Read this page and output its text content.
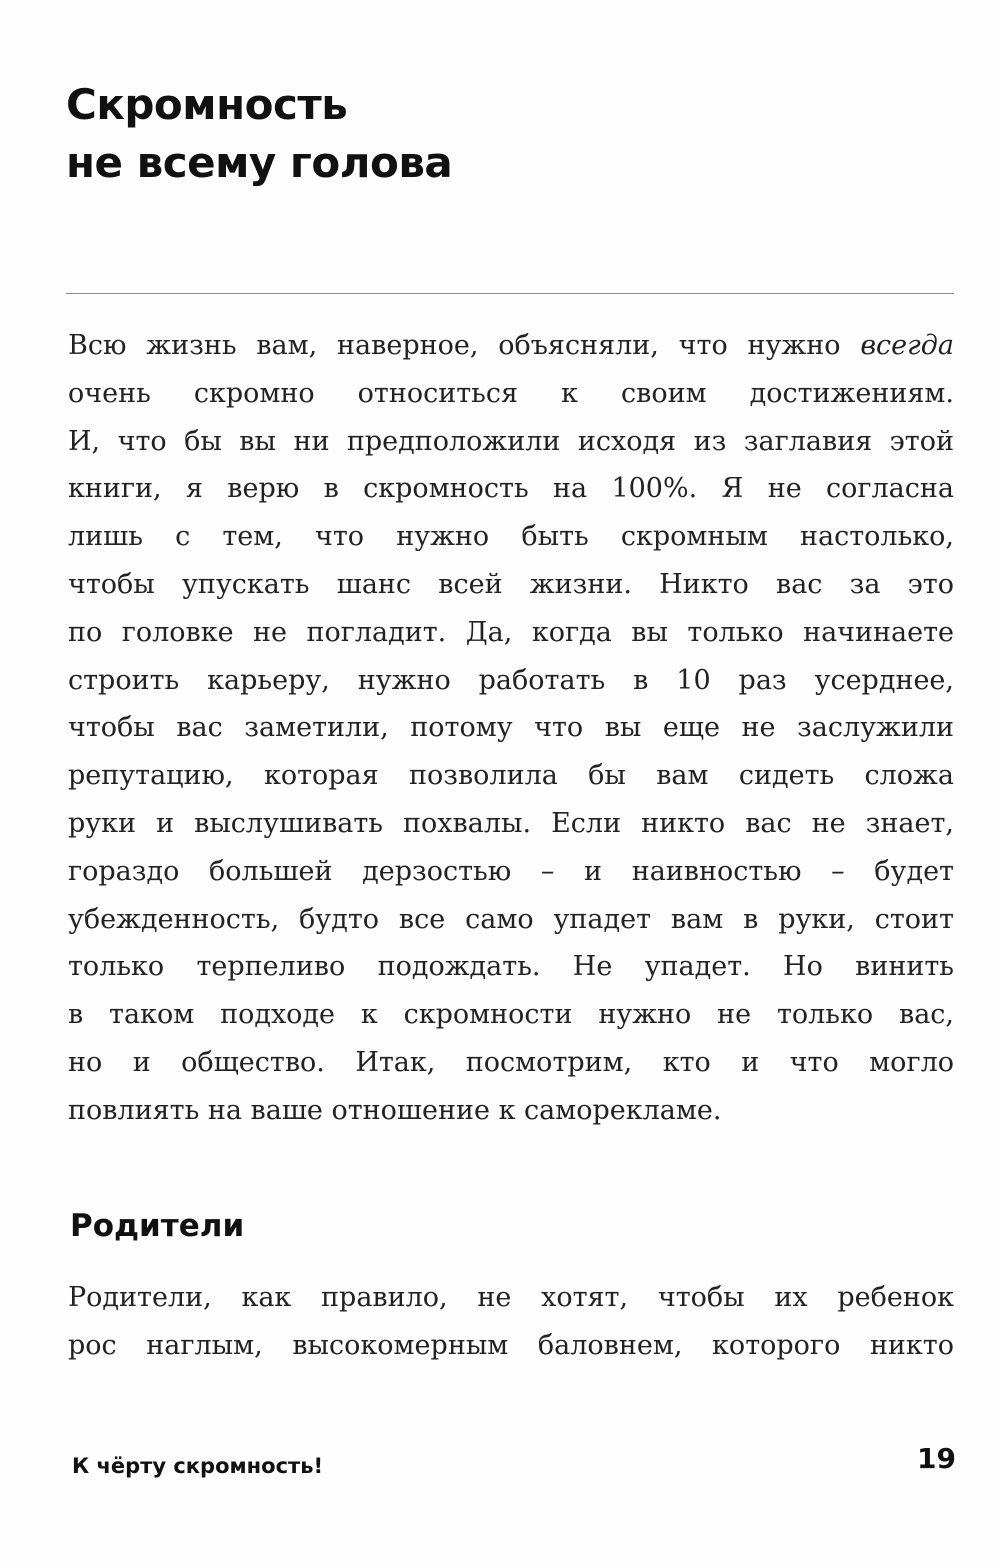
Скромность
не всему голова

Всю жизнь вам, наверное, объясняли, что нужно всегда
очень скромно относиться к своим достижениям.
И, что бы вы ни предположили исходя из заглавия этой
книги, я верю в скромность на 100%. Я не согласна
лишь с тем, что нужно быть скромным настолько,
чтобы упускать шанс всей жизни. Никто вас за это
по головке не погладит. Да, когда вы только начинаете
строить карьеру, нужно работать в 10 раз усерднее,
чтобы вас заметили, потому что вы еще не заслужили
репутацию, которая позволила бы вам сидеть сложа
руки и выслушивать похвалы. Если никто вас не знает,
гораздо большей дерзостью – и наивностью – будет
убежденность, будто все само упадет вам в руки, стоит
только терпеливо подождать. Не упадет. Но винить
в таком подходе к скромности нужно не только вас,
но и общество. Итак, посмотрим, кто и что могло
повлиять на ваше отношение к саморекламе.

Родители

Родители, как правило, не хотят, чтобы их ребенок
рос наглым, высокомерным баловнем, которого никто

К чёрту скромность!	19
